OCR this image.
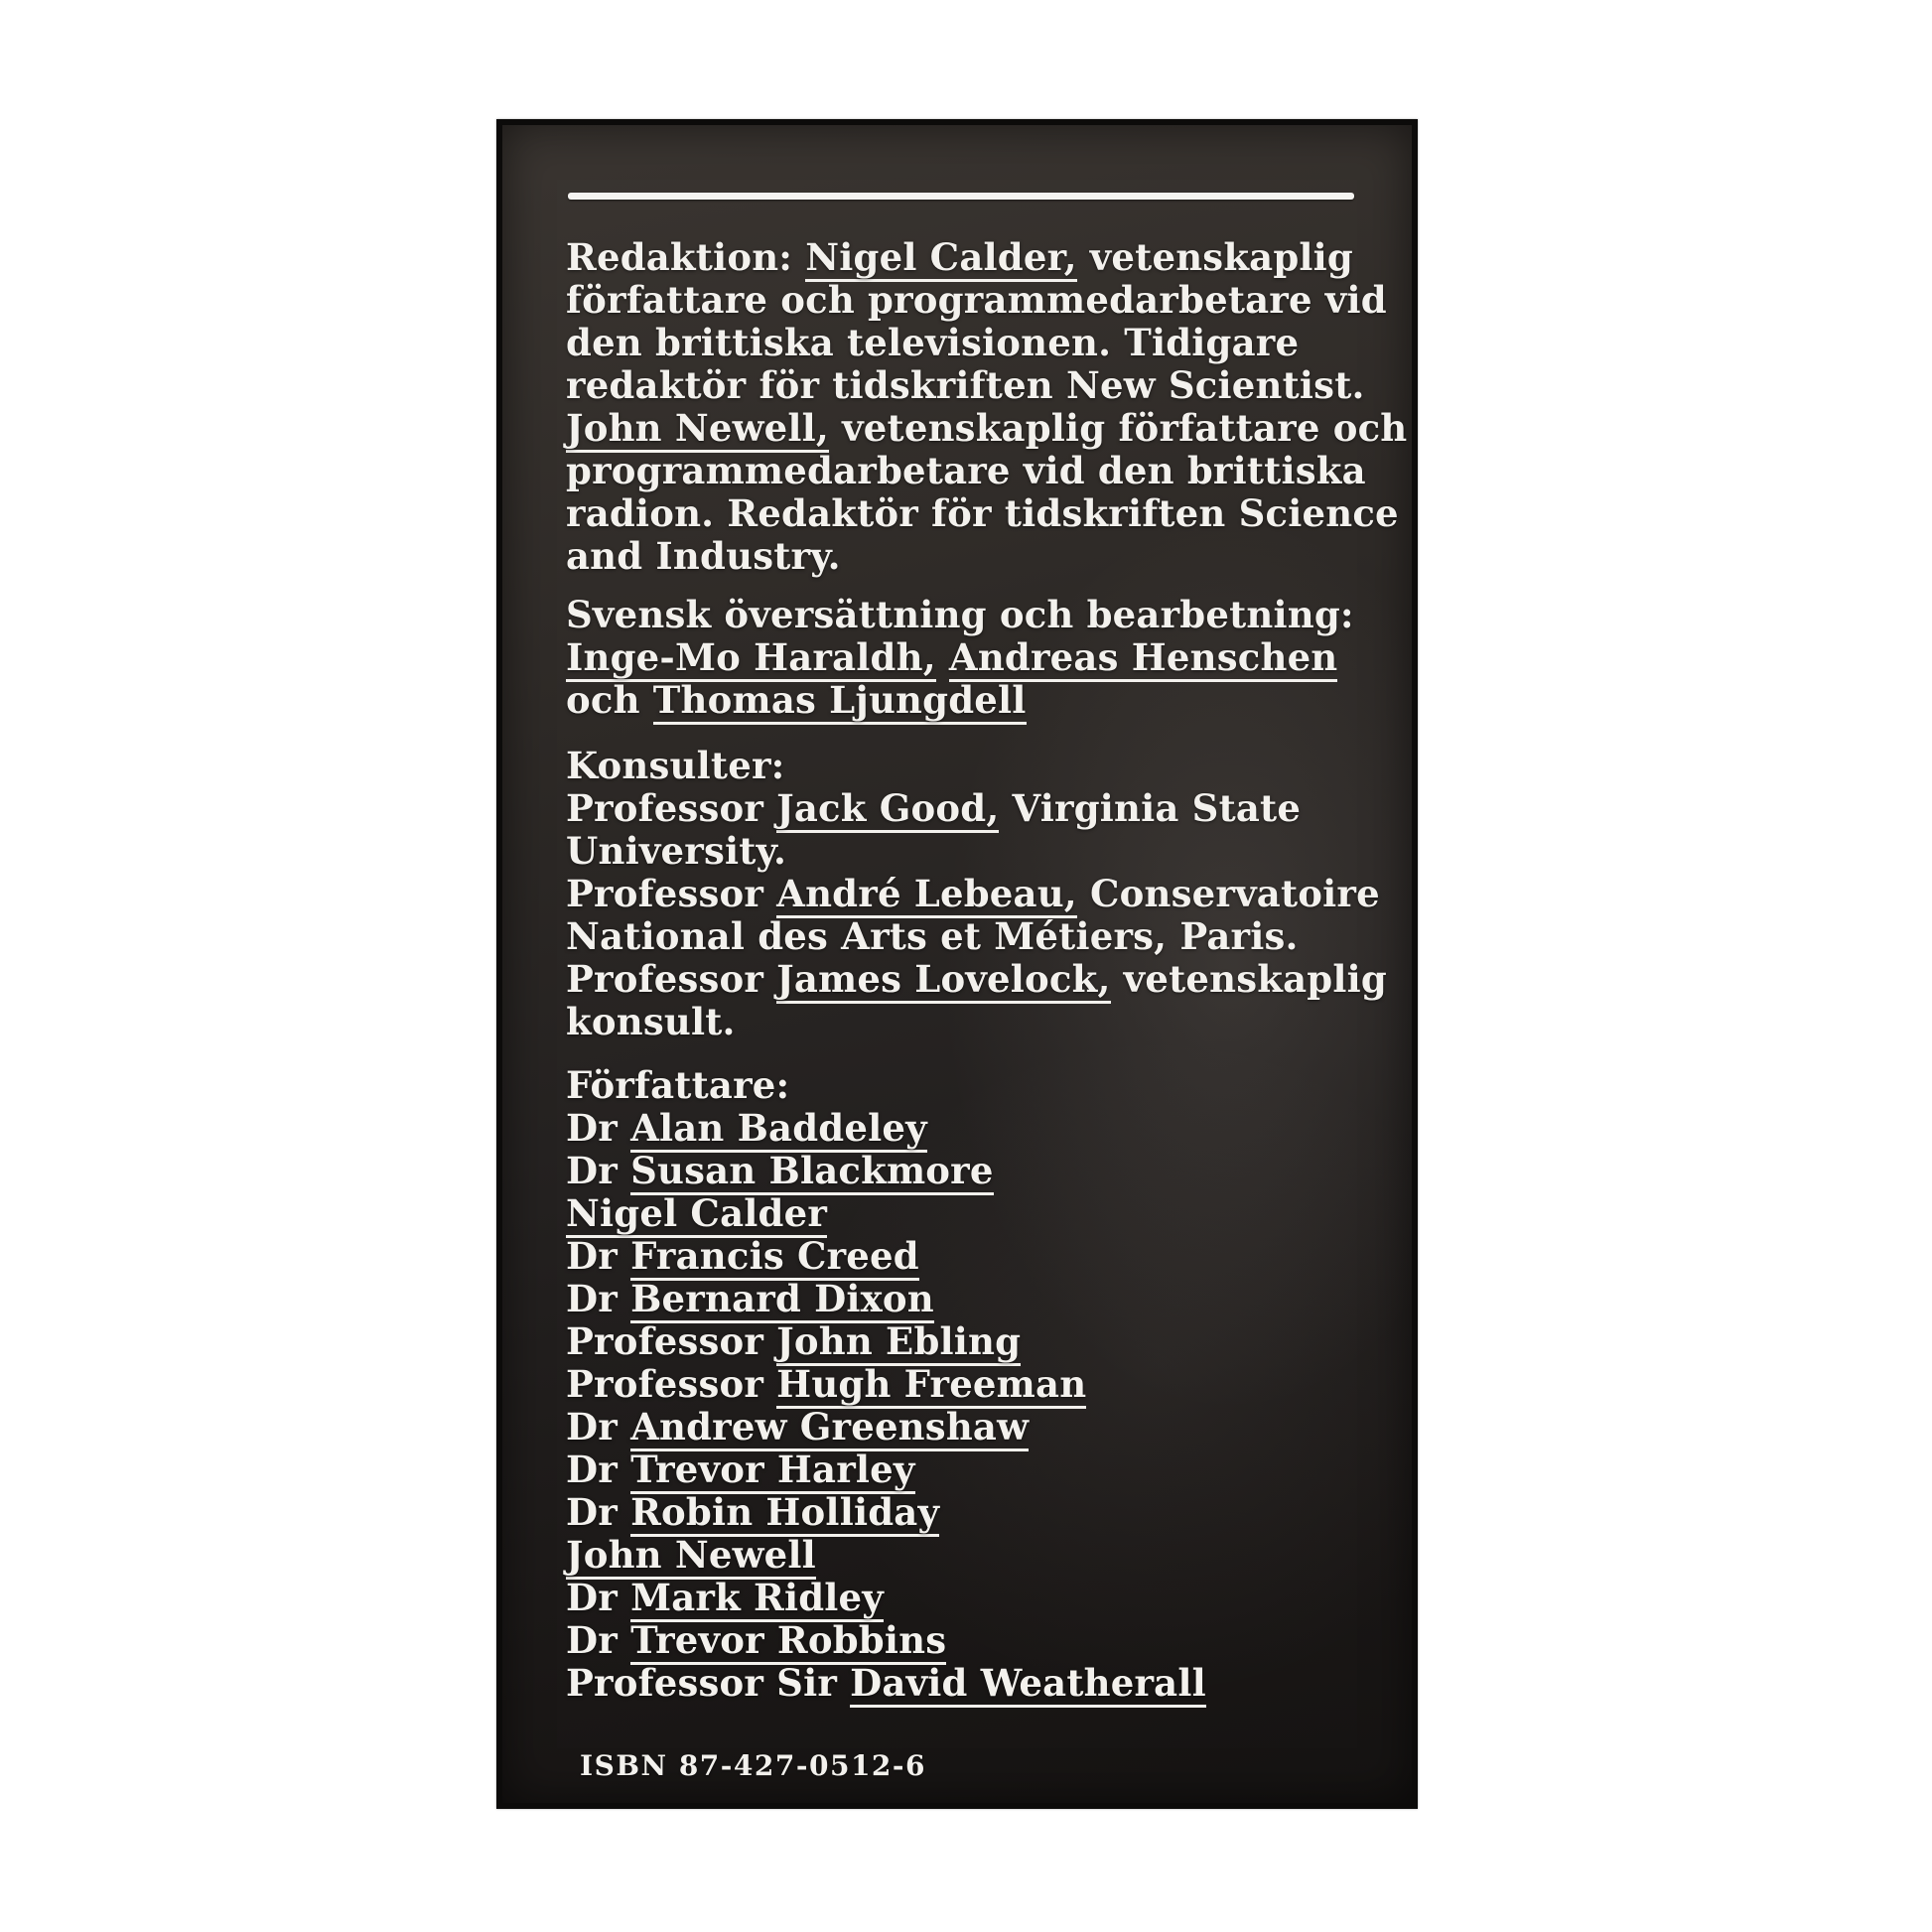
Redaktion: Nigel Calder, vetenskaplig
författare och programmedarbetare vid
den brittiska televisionen. Tidigare
redaktör för tidskriften New Scientist.
John Newell, vetenskaplig författare och
programmedarbetare vid den brittiska
radion. Redaktör för tidskriften Science
and Industry.
Svensk översättning och bearbetning:
Inge-Mo Haraldh, Andreas Henschen
och Thomas Ljungdell
Konsulter:
Professor Jack Good, Virginia State
University.
Professor André Lebeau, Conservatoire
National des Arts et Métiers, Paris.
Professor James Lovelock, vetenskaplig
konsult.
Författare:
Dr Alan Baddeley
Dr Susan Blackmore
Nigel Calder
Dr Francis Creed
Dr Bernard Dixon
Professor John Ebling
Professor Hugh Freeman
Dr Andrew Greenshaw
Dr Trevor Harley
Dr Robin Holliday
John Newell
Dr Mark Ridley
Dr Trevor Robbins
Professor Sir David Weatherall
ISBN 87-427-0512-6
